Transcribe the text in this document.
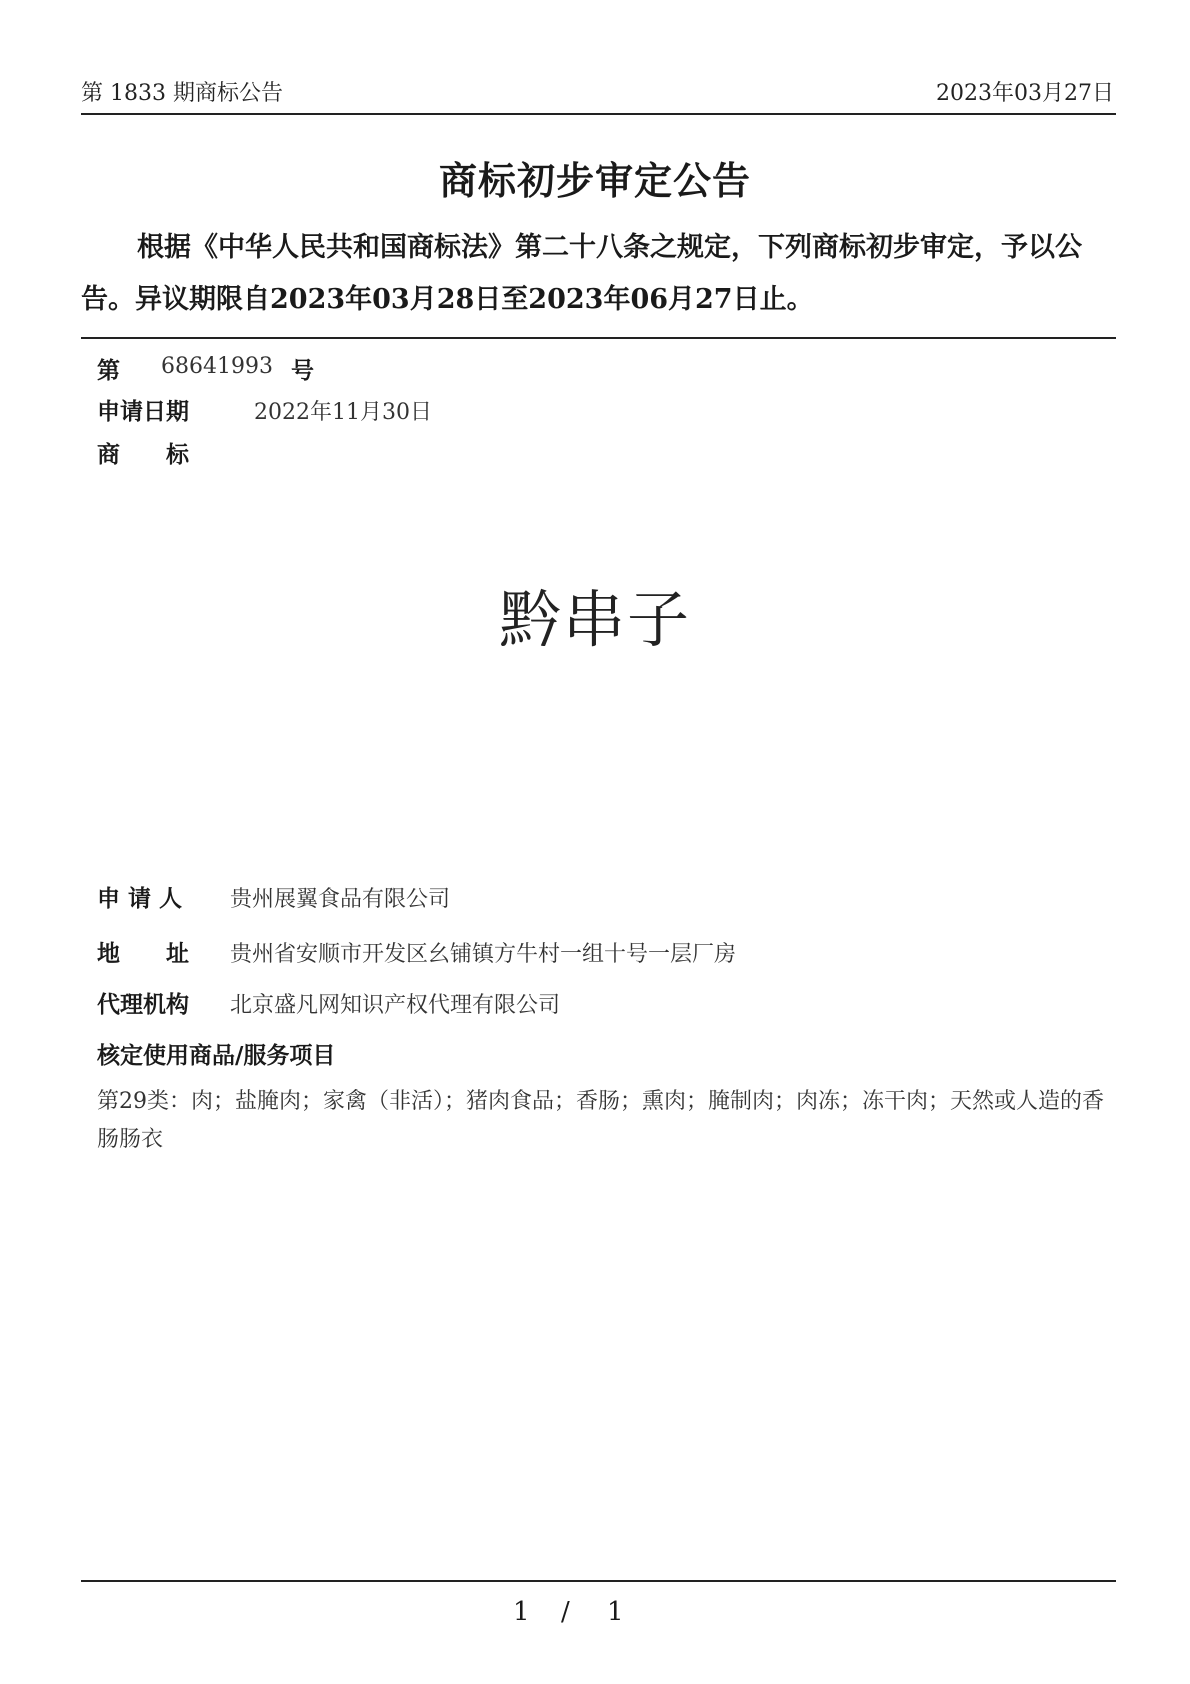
第 1833 期商标公告	2023年03月27日
商标初步审定公告
根据《中华人民共和国商标法》第二十八条之规定，下列商标初步审定，予以公告。异议期限自2023年03月28日至2023年06月27日止。
第 68641993 号
申请日期	2022年11月30日
商　　标
黔串子
申 请 人 贵州展翼食品有限公司
地　　址 贵州省安顺市开发区幺铺镇方牛村一组十号一层厂房
代理机构 北京盛凡网知识产权代理有限公司
核定使用商品/服务项目
第29类：肉；盐腌肉；家禽（非活）；猪肉食品；香肠；熏肉；腌制肉；肉冻；冻干肉；天然或人造的香肠肠衣
1 / 1
